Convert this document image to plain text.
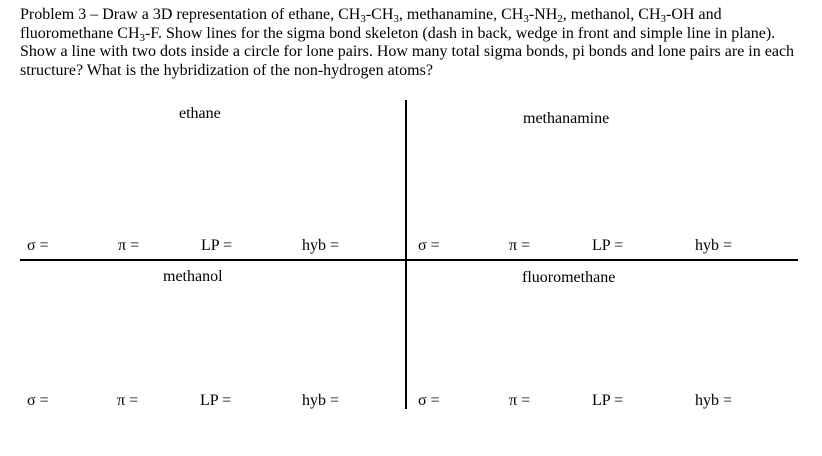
Problem 3 – Draw a 3D representation of ethane, $CH_3-CH_3$, methanamine, $CH_3-NH_2$, methanol, $CH_3-OH$ and fluoromethane $CH_3-F$. Show lines for the sigma bond skeleton (dash in back, wedge in front and simple line in plane). Show a line with two dots inside a circle for lone pairs. How many total sigma bonds, pi bonds and lone pairs are in each structure? What is the hybridization of the non-hydrogen atoms?

ethane
σ =	π =	LP =	hyb =
methanamine
σ =	π =	LP =	hyb =
methanol
σ =	π =	LP =	hyb =
fluoromethane
σ =	π =	LP =	hyb =
